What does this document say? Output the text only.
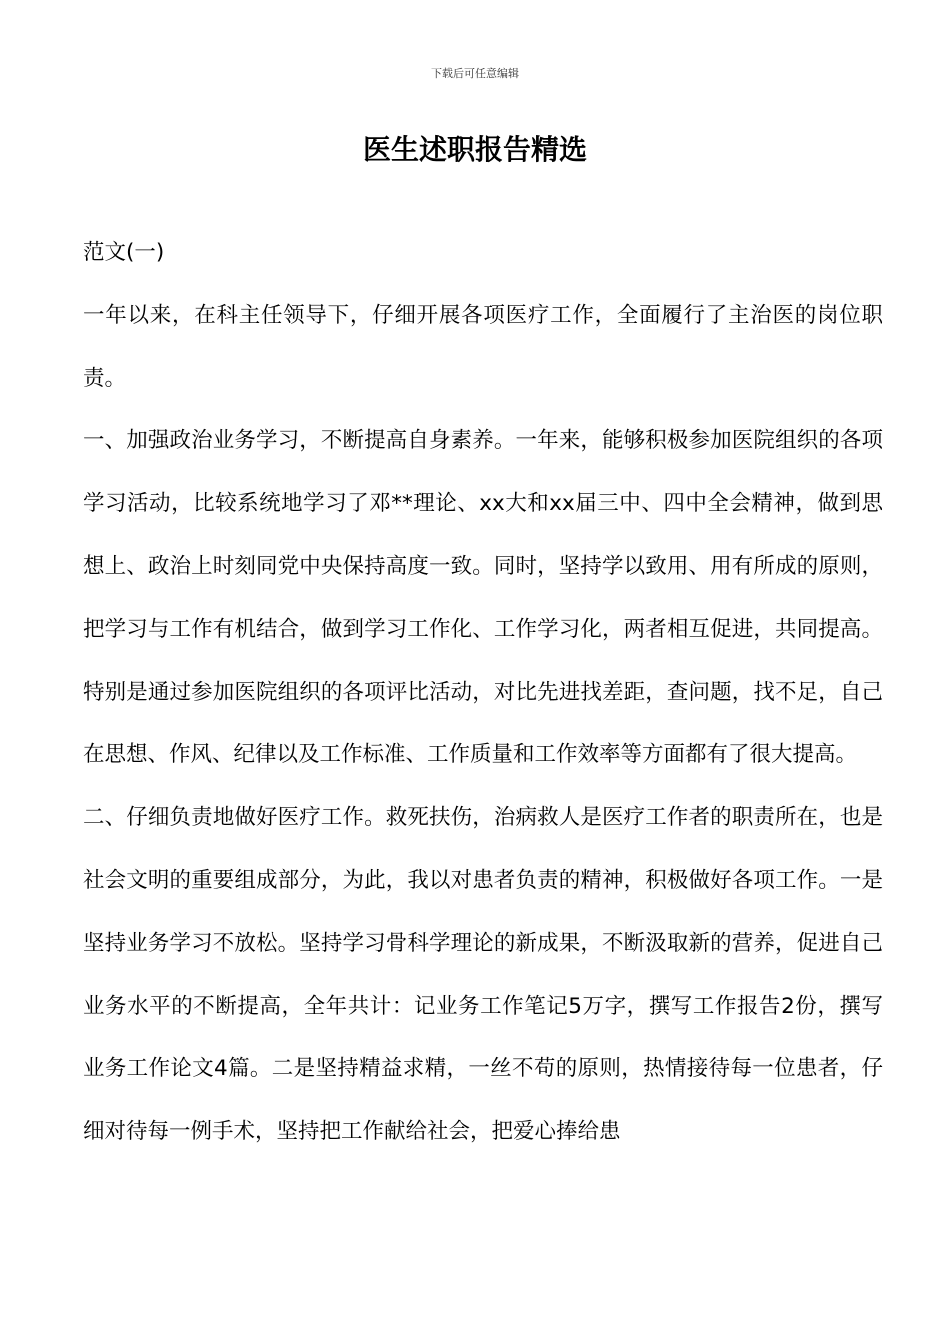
下载后可任意编辑
医生述职报告精选

范文(一)

一年以来，在科主任领导下，仔细开展各项医疗工作，全面履行了主治医的岗位职责。

一、加强政治业务学习，不断提高自身素养。一年来，能够积极参加医院组织的各项学习活动，比较系统地学习了邓**理论、xx大和xx届三中、四中全会精神，做到思想上、政治上时刻同党中央保持高度一致。同时，坚持学以致用、用有所成的原则，把学习与工作有机结合，做到学习工作化、工作学习化，两者相互促进，共同提高。特别是通过参加医院组织的各项评比活动，对比先进找差距，查问题，找不足，自己在思想、作风、纪律以及工作标准、工作质量和工作效率等方面都有了很大提高。

二、仔细负责地做好医疗工作。救死扶伤，治病救人是医疗工作者的职责所在，也是社会文明的重要组成部分，为此，我以对患者负责的精神，积极做好各项工作。一是坚持业务学习不放松。坚持学习骨科学理论的新成果，不断汲取新的营养，促进自己业务水平的不断提高，全年共计：记业务工作笔记5万字，撰写工作报告2份，撰写业务工作论文4篇。二是坚持精益求精，一丝不苟的原则，热情接待每一位患者，仔细对待每一例手术，坚持把工作献给社会，把爱心捧给患
